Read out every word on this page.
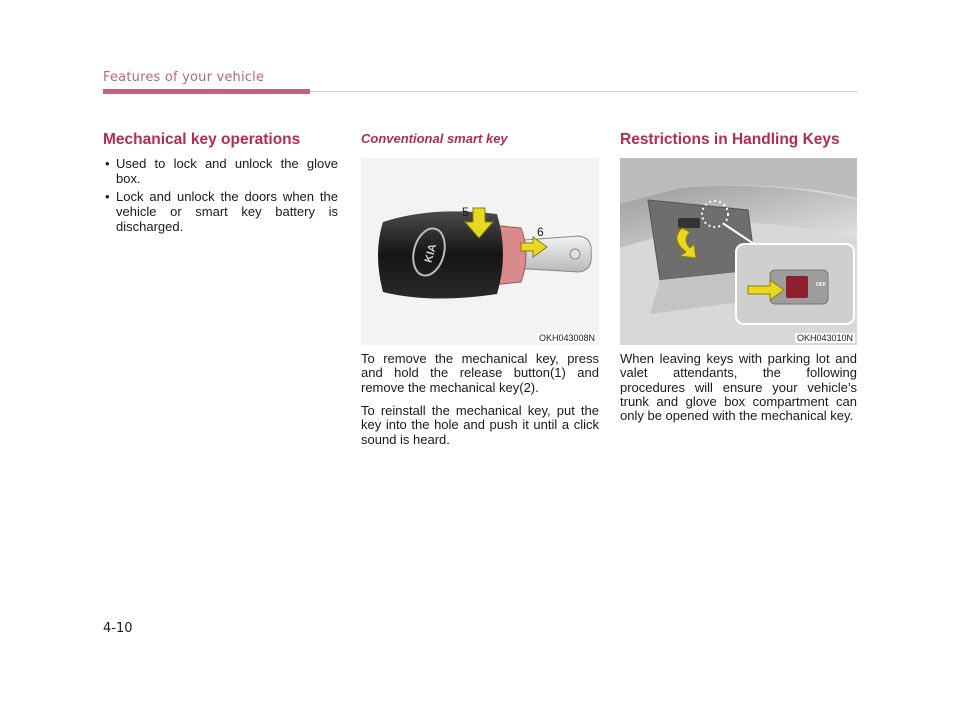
Features of your vehicle
Mechanical key operations
• Used to lock and unlock the glove box.
• Lock and unlock the doors when the vehicle or smart key battery is discharged.
Conventional smart key
KIA
5
6
OKH043008N

To remove the mechanical key, press and hold the release button(1) and remove the mechanical key(2).

To reinstall the mechanical key, put the key into the hole and push it until a click sound is heard.

Restrictions in Handling Keys
OFF
OKH043010N

When leaving keys with parking lot and valet attendants, the following procedures will ensure your vehicle’s trunk and glove box compartment can only be opened with the mechanical key.

4-10
